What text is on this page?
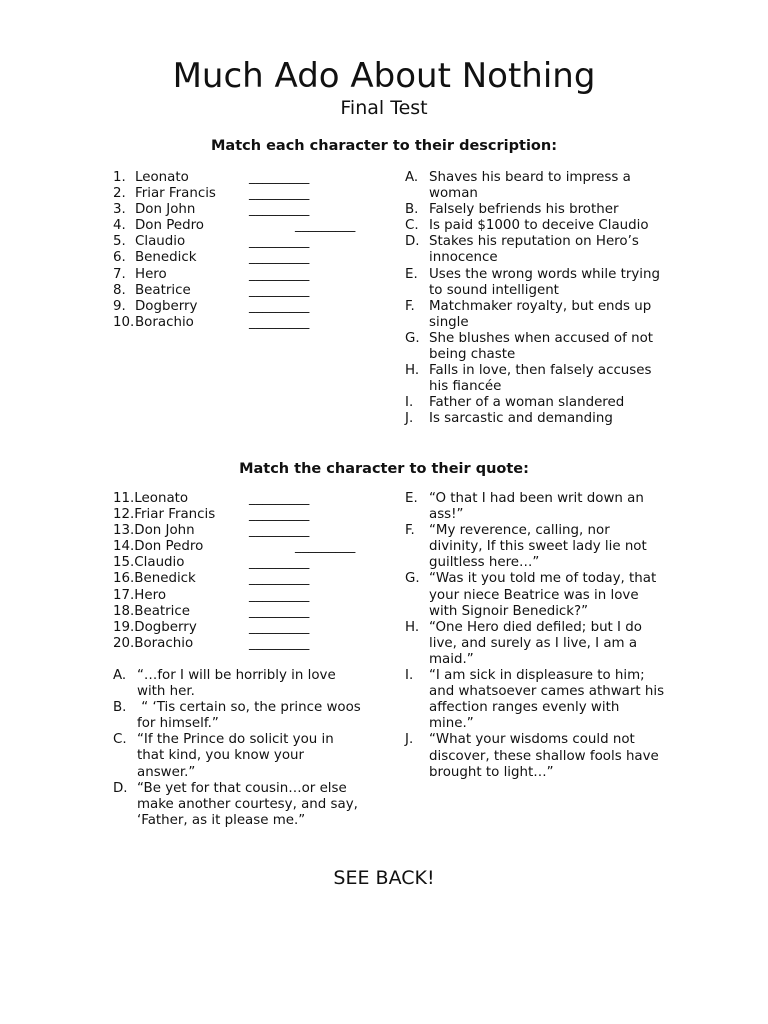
Much Ado About Nothing
Final Test
Match each character to their description:
1. Leonato	_________
2. Friar Francis _________
3. Don John	_________
4. Don Pedro	_________
5. Claudio	_________
6. Benedick	_________
7. Hero	_________
8. Beatrice	_________
9. Dogberry	_________
10.Borachio	_________
A. Shaves his beard to impress a woman
B. Falsely befriends his brother
C. Is paid $1000 to deceive Claudio
D. Stakes his reputation on Hero’s innocence
E. Uses the wrong words while trying to sound intelligent
F. Matchmaker royalty, but ends up single
G. She blushes when accused of not being chaste
H. Falls in love, then falsely accuses his fiancée
I. Father of a woman slandered
J. Is sarcastic and demanding
Match the character to their quote:
11.Leonato	_________
12.Friar Francis	_________
13.Don John	_________
14.Don Pedro	_________
15.Claudio	_________
16.Benedick	_________
17.Hero	_________
18.Beatrice	_________
19.Dogberry	_________
20.Borachio	_________
E. “O that I had been writ down an ass!”
F. “My reverence, calling, nor divinity, If this sweet lady lie not guiltless here…”
G. “Was it you told me of today, that your niece Beatrice was in love with Signoir Benedick?”
H. “One Hero died defiled; but I do live, and surely as I live, I am a maid.”
I. “I am sick in displeasure to him; and whatsoever cames athwart his affection ranges evenly with mine.”
J. “What your wisdoms could not discover, these shallow fools have brought to light…”
A. “…for I will be horribly in love with her.
B. “ ‘Tis certain so, the prince woos for himself.”
C. “If the Prince do solicit you in that kind, you know your answer.”
D. “Be yet for that cousin…or else make another courtesy, and say, ‘Father, as it please me.”
SEE BACK!
